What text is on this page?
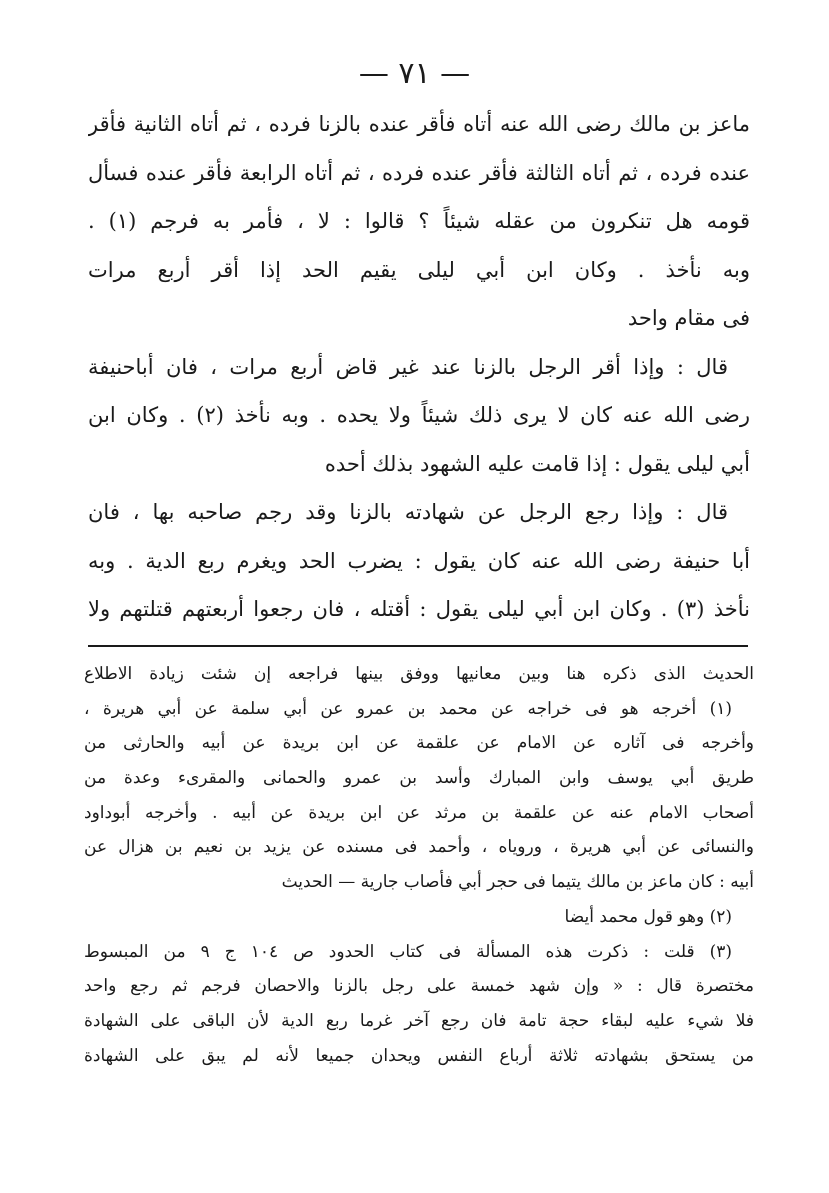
— ٧١ —
ماعز بن مالك رضى الله عنه أتاه فأقر عنده بالزنا فرده ، ثم أتاه الثانية فأقر
عنده فرده ، ثم أتاه الثالثة فأقر عنده فرده ، ثم أتاه الرابعة فأقر عنده فسأل
قومه هل تنكرون من عقله شيئاً ؟ قالوا : لا ، فأمر به فرجم (١) .
وبه نأخذ . وكان ابن أبي ليلى يقيم الحد إذا أقر أربع مرات
فى مقام واحد
قال : وإذا أقر الرجل بالزنا عند غير قاض أربع مرات ، فان أباحنيفة
رضى الله عنه كان لا يرى ذلك شيئاً ولا يحده . وبه نأخذ (٢) . وكان ابن
أبي ليلى يقول : إذا قامت عليه الشهود بذلك أحده
قال : وإذا رجع الرجل عن شهادته بالزنا وقد رجم صاحبه بها ، فان
أبا حنيفة رضى الله عنه كان يقول : يضرب الحد ويغرم ربع الدية . وبه
نأخذ (٣) . وكان ابن أبي ليلى يقول : أقتله ، فان رجعوا أربعتهم قتلتهم ولا
الحديث الذى ذكره هنا وبين معانيها ووفق بينها فراجعه إن شئت زيادة الاطلاع
(١) أخرجه هو فى خراجه عن محمد بن عمرو عن أبي سلمة عن أبي هريرة ،
وأخرجه فى آثاره عن الامام عن علقمة عن ابن بريدة عن أبيه والحارثى من
طريق أبي يوسف وابن المبارك وأسد بن عمرو والحمانى والمقرىء وعدة من
أصحاب الامام عنه عن علقمة بن مرثد عن ابن بريدة عن أبيه . وأخرجه أبوداود
والنسائى عن أبي هريرة ، وروياه ، وأحمد فى مسنده عن يزيد بن نعيم بن هزال عن
أبيه : كان ماعز بن مالك يتيما فى حجر أبي فأصاب جارية — الحديث
(٢) وهو قول محمد أيضا
(٣) قلت : ذكرت هذه المسألة فى كتاب الحدود ص ١٠٤ ج ٩ من المبسوط
مختصرة قال : « وإن شهد خمسة على رجل بالزنا والاحصان فرجم ثم رجع واحد
فلا شيء عليه لبقاء حجة تامة فان رجع آخر غرما ربع الدية لأن الباقى على الشهادة
من يستحق بشهادته ثلاثة أرباع النفس ويحدان جميعا لأنه لم يبق على الشهادة
